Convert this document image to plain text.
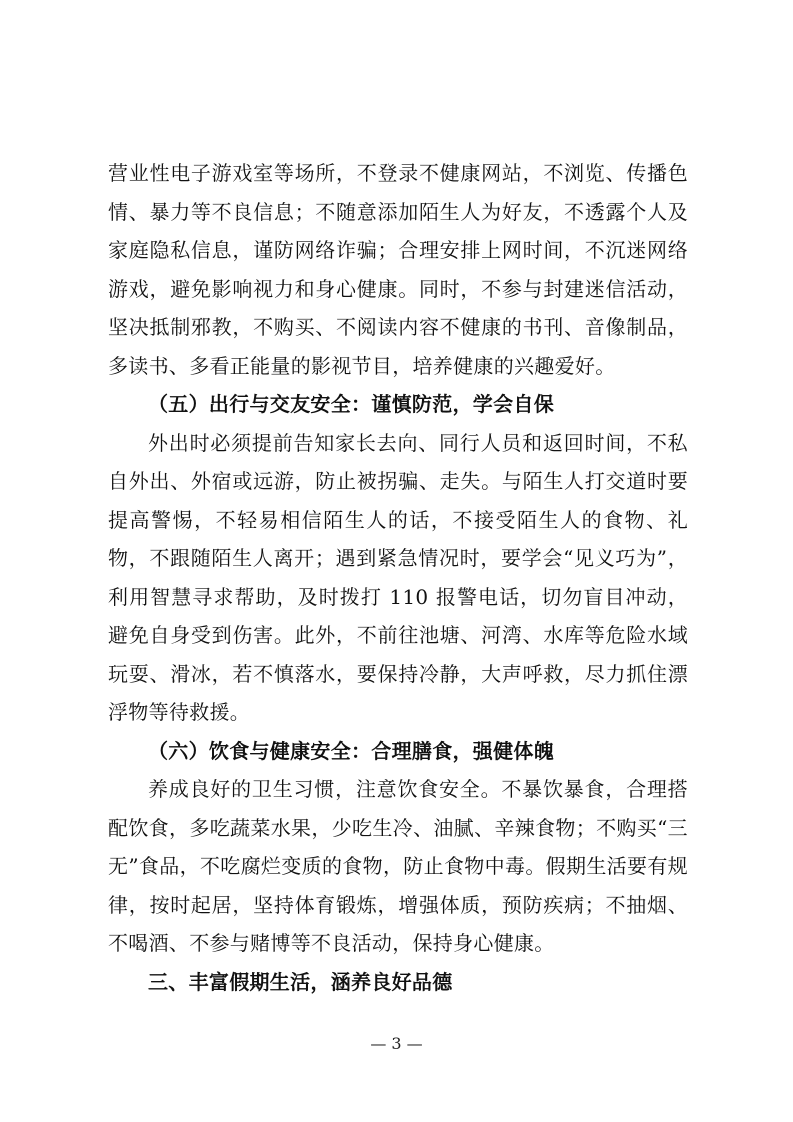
营业性电子游戏室等场所，不登录不健康网站，不浏览、传播色情、暴力等不良信息；不随意添加陌生人为好友，不透露个人及家庭隐私信息，谨防网络诈骗；合理安排上网时间，不沉迷网络游戏，避免影响视力和身心健康。同时，不参与封建迷信活动，坚决抵制邪教，不购买、不阅读内容不健康的书刊、音像制品，多读书、多看正能量的影视节目，培养健康的兴趣爱好。

（五）出行与交友安全：谨慎防范，学会自保

外出时必须提前告知家长去向、同行人员和返回时间，不私自外出、外宿或远游，防止被拐骗、走失。与陌生人打交道时要提高警惕，不轻易相信陌生人的话，不接受陌生人的食物、礼物，不跟随陌生人离开；遇到紧急情况时，要学会“见义巧为”，利用智慧寻求帮助，及时拨打 110 报警电话，切勿盲目冲动，避免自身受到伤害。此外，不前往池塘、河湾、水库等危险水域玩耍、滑冰，若不慎落水，要保持冷静，大声呼救，尽力抓住漂浮物等待救援。

（六）饮食与健康安全：合理膳食，强健体魄

养成良好的卫生习惯，注意饮食安全。不暴饮暴食，合理搭配饮食，多吃蔬菜水果，少吃生冷、油腻、辛辣食物；不购买“三无”食品，不吃腐烂变质的食物，防止食物中毒。假期生活要有规律，按时起居，坚持体育锻炼，增强体质，预防疾病；不抽烟、不喝酒、不参与赌博等不良活动，保持身心健康。

三、丰富假期生活，涵养良好品德

— 3 —
